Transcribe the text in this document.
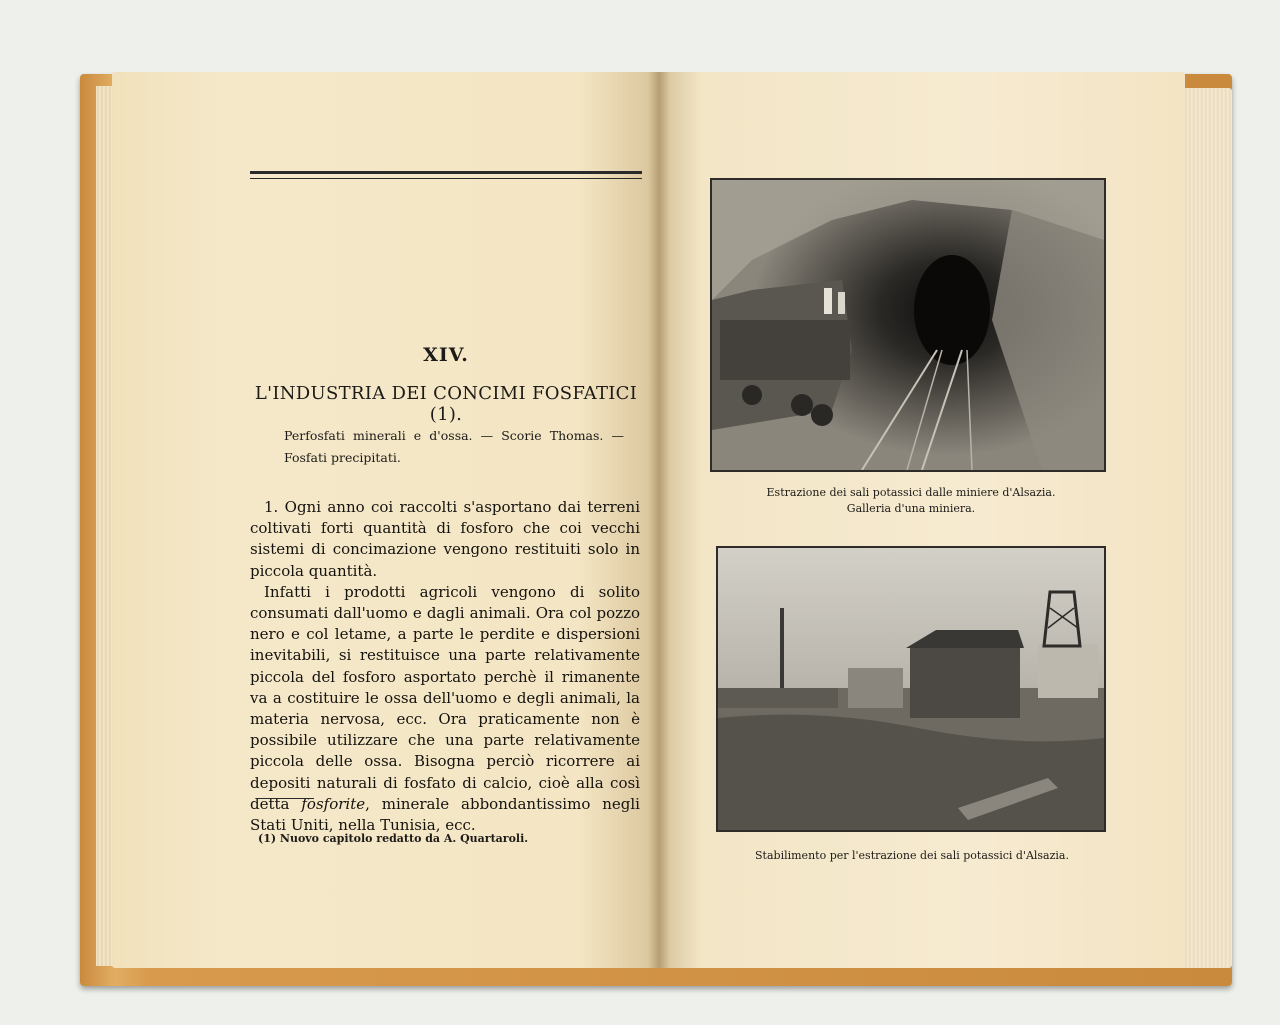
XIV.
L'INDUSTRIA DEI CONCIMI FOSFATICI (1).
Perfosfati minerali e d'ossa. — Scorie Thomas. — Fosfati precipitati.

1. Ogni anno coi raccolti s'asportano dai terreni coltivati forti quantità di fosforo che coi vecchi sistemi di concimazione vengono restituiti solo in piccola quantità.

Infatti i prodotti agricoli vengono di solito consumati dall'uomo e dagli animali. Ora col pozzo nero e col letame, a parte le perdite e dispersioni inevitabili, si restituisce una parte relativamente piccola del fosforo asportato perchè il rimanente va a costituire le ossa dell'uomo e degli animali, la materia nervosa, ecc. Ora praticamente non è possibile utilizzare che una parte relativamente piccola delle ossa. Bisogna perciò ricorrere ai depositi naturali di fosfato di calcio, cioè alla così detta fosforite, minerale abbondantissimo negli Stati Uniti, nella Tunisia, ecc.

(1) Nuovo capitolo redatto da A. Quartaroli.
Estrazione dei sali potassici dalle miniere d'Alsazia.
Galleria d'una miniera.
Stabilimento per l'estrazione dei sali potassici d'Alsazia.
